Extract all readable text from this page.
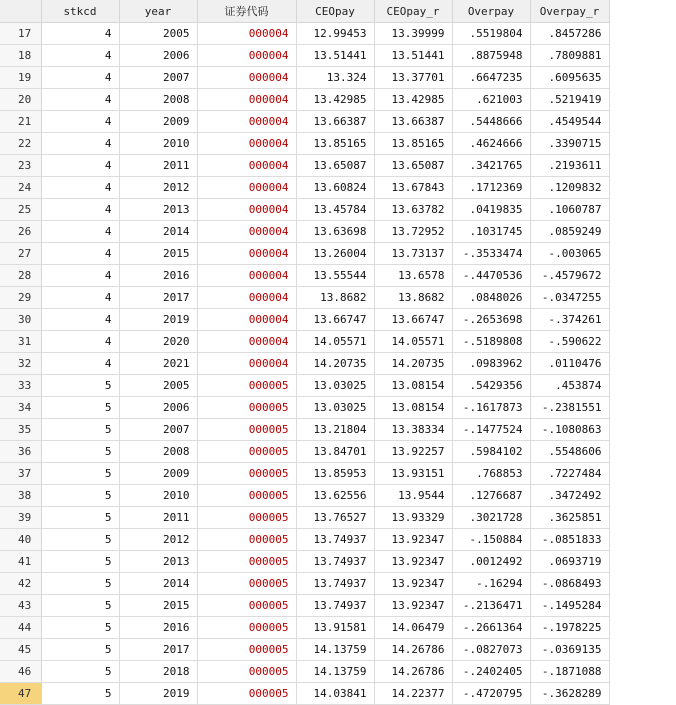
	stkcd	year	证券代码	CEOpay	CEOpay_r	Overpay	Overpay_r
17	4	2005	000004	12.99453	13.39999	.5519804	.8457286
18	4	2006	000004	13.51441	13.51441	.8875948	.7809881
19	4	2007	000004	13.324	13.37701	.6647235	.6095635
20	4	2008	000004	13.42985	13.42985	.621003	.5219419
21	4	2009	000004	13.66387	13.66387	.5448666	.4549544
22	4	2010	000004	13.85165	13.85165	.4624666	.3390715
23	4	2011	000004	13.65087	13.65087	.3421765	.2193611
24	4	2012	000004	13.60824	13.67843	.1712369	.1209832
25	4	2013	000004	13.45784	13.63782	.0419835	.1060787
26	4	2014	000004	13.63698	13.72952	.1031745	.0859249
27	4	2015	000004	13.26004	13.73137	-.3533474	-.003065
28	4	2016	000004	13.55544	13.6578	-.4470536	-.4579672
29	4	2017	000004	13.8682	13.8682	.0848026	-.0347255
30	4	2019	000004	13.66747	13.66747	-.2653698	-.374261
31	4	2020	000004	14.05571	14.05571	-.5189808	-.590622
32	4	2021	000004	14.20735	14.20735	.0983962	.0110476
33	5	2005	000005	13.03025	13.08154	.5429356	.453874
34	5	2006	000005	13.03025	13.08154	-.1617873	-.2381551
35	5	2007	000005	13.21804	13.38334	-.1477524	-.1080863
36	5	2008	000005	13.84701	13.92257	.5984102	.5548606
37	5	2009	000005	13.85953	13.93151	.768853	.7227484
38	5	2010	000005	13.62556	13.9544	.1276687	.3472492
39	5	2011	000005	13.76527	13.93329	.3021728	.3625851
40	5	2012	000005	13.74937	13.92347	-.150884	-.0851833
41	5	2013	000005	13.74937	13.92347	.0012492	.0693719
42	5	2014	000005	13.74937	13.92347	-.16294	-.0868493
43	5	2015	000005	13.74937	13.92347	-.2136471	-.1495284
44	5	2016	000005	13.91581	14.06479	-.2661364	-.1978225
45	5	2017	000005	14.13759	14.26786	-.0827073	-.0369135
46	5	2018	000005	14.13759	14.26786	-.2402405	-.1871088
47	5	2019	000005	14.03841	14.22377	-.4720795	-.3628289
